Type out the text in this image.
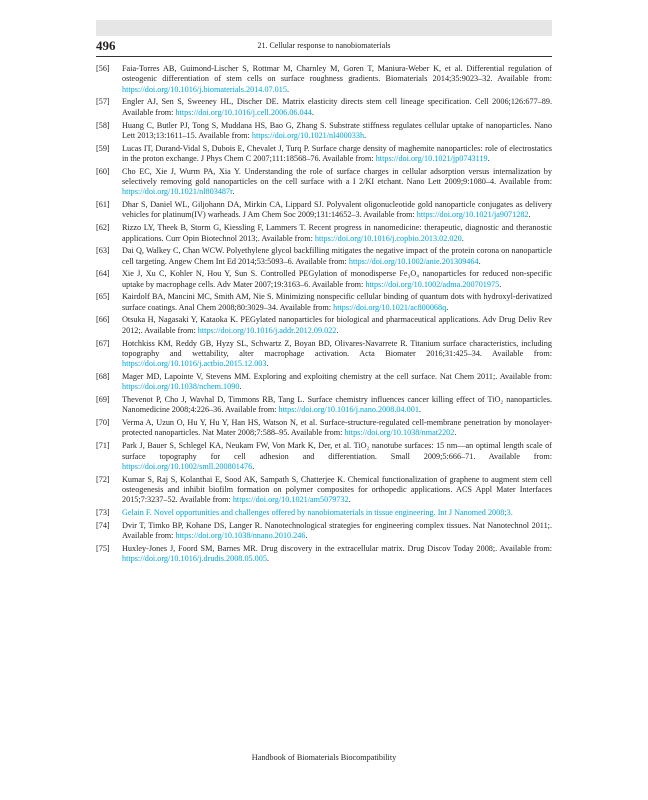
496	21. Cellular response to nanobiomaterials
[56]	Faia-Torres AB, Guimond-Lischer S, Rottmar M, Charnley M, Goren T, Maniura-Weber K, et al. Differential regulation of osteogenic differentiation of stem cells on surface roughness gradients. Biomaterials 2014;35:9023–32. Available from: https://doi.org/10.1016/j.biomaterials.2014.07.015.
[57]	Engler AJ, Sen S, Sweeney HL, Discher DE. Matrix elasticity directs stem cell lineage specification. Cell 2006;126:677–89. Available from: https://doi.org/10.1016/j.cell.2006.06.044.
[58]	Huang C, Butler PJ, Tong S, Muddana HS, Bao G, Zhang S. Substrate stiffness regulates cellular uptake of nanoparticles. Nano Lett 2013;13:1611–15. Available from: https://doi.org/10.1021/nl400033h.
[59]	Lucas IT, Durand-Vidal S, Dubois E, Chevalet J, Turq P. Surface charge density of maghemite nanoparticles: role of electrostatics in the proton exchange. J Phys Chem C 2007;111:18568–76. Available from: https://doi.org/10.1021/jp0743119.
[60]	Cho EC, Xie J, Wurm PA, Xia Y. Understanding the role of surface charges in cellular adsorption versus internalization by selectively removing gold nanoparticles on the cell surface with a I 2/KI etchant. Nano Lett 2009;9:1080–4. Available from: https://doi.org/10.1021/nl803487r.
[61]	Dhar S, Daniel WL, Giljohann DA, Mirkin CA, Lippard SJ. Polyvalent oligonucleotide gold nanoparticle conjugates as delivery vehicles for platinum(IV) warheads. J Am Chem Soc 2009;131:14652–3. Available from: https://doi.org/10.1021/ja9071282.
[62]	Rizzo LY, Theek B, Storm G, Kiessling F, Lammers T. Recent progress in nanomedicine: therapeutic, diagnostic and theranostic applications. Curr Opin Biotechnol 2013;. Available from: https://doi.org/10.1016/j.copbio.2013.02.020.
[63]	Dai Q, Walkey C, Chan WCW. Polyethylene glycol backfilling mitigates the negative impact of the protein corona on nanoparticle cell targeting. Angew Chem Int Ed 2014;53:5093–6. Available from: https://doi.org/10.1002/anie.201309464.
[64]	Xie J, Xu C, Kohler N, Hou Y, Sun S. Controlled PEGylation of monodisperse Fe₃O₄ nanoparticles for reduced non-specific uptake by macrophage cells. Adv Mater 2007;19:3163–6. Available from: https://doi.org/10.1002/adma.200701975.
[65]	Kairdolf BA, Mancini MC, Smith AM, Nie S. Minimizing nonspecific cellular binding of quantum dots with hydroxyl-derivatized surface coatings. Anal Chem 2008;80:3029–34. Available from: https://doi.org/10.1021/ac800068q.
[66]	Otsuka H, Nagasaki Y, Kataoka K. PEGylated nanoparticles for biological and pharmaceutical applications. Adv Drug Deliv Rev 2012;. Available from: https://doi.org/10.1016/j.addr.2012.09.022.
[67]	Hotchkiss KM, Reddy GB, Hyzy SL, Schwartz Z, Boyan BD, Olivares-Navarrete R. Titanium surface characteristics, including topography and wettability, alter macrophage activation. Acta Biomater 2016;31:425–34. Available from: https://doi.org/10.1016/j.actbio.2015.12.003.
[68]	Mager MD, Lapointe V, Stevens MM. Exploring and exploiting chemistry at the cell surface. Nat Chem 2011;. Available from: https://doi.org/10.1038/nchem.1090.
[69]	Thevenot P, Cho J, Wavhal D, Timmons RB, Tang L. Surface chemistry influences cancer killing effect of TiO₂ nanoparticles. Nanomedicine 2008;4:226–36. Available from: https://doi.org/10.1016/j.nano.2008.04.001.
[70]	Verma A, Uzun O, Hu Y, Hu Y, Han HS, Watson N, et al. Surface-structure-regulated cell-membrane penetration by monolayer-protected nanoparticles. Nat Mater 2008;7:588–95. Available from: https://doi.org/10.1038/nmat2202.
[71]	Park J, Bauer S, Schlegel KA, Neukam FW, Von Mark K, Der, et al. TiO₂ nanotube surfaces: 15 nm—an optimal length scale of surface topography for cell adhesion and differentiation. Small 2009;5:666–71. Available from: https://doi.org/10.1002/smll.200801476.
[72]	Kumar S, Raj S, Kolanthai E, Sood AK, Sampath S, Chatterjee K. Chemical functionalization of graphene to augment stem cell osteogenesis and inhibit biofilm formation on polymer composites for orthopedic applications. ACS Appl Mater Interfaces 2015;7:3237–52. Available from: https://doi.org/10.1021/am5079732.
[73]	Gelain F. Novel opportunities and challenges offered by nanobiomaterials in tissue engineering. Int J Nanomed 2008;3.
[74]	Dvir T, Timko BP, Kohane DS, Langer R. Nanotechnological strategies for engineering complex tissues. Nat Nanotechnol 2011;. Available from: https://doi.org/10.1038/nnano.2010.246.
[75]	Huxley-Jones J, Foord SM, Barnes MR. Drug discovery in the extracellular matrix. Drug Discov Today 2008;. Available from: https://doi.org/10.1016/j.drudis.2008.05.005.
Handbook of Biomaterials Biocompatibility
